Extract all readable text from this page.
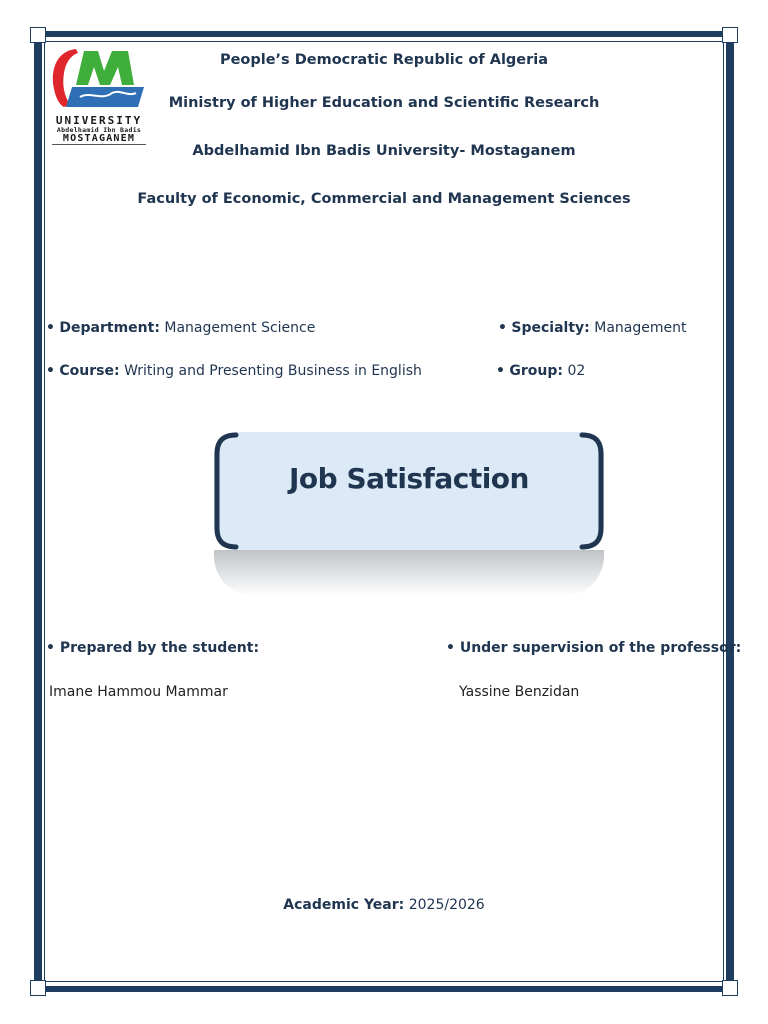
UNIVERSITY
Abdelhamid Ibn Badis
MOSTAGANEM
People’s Democratic Republic of Algeria
Ministry of Higher Education and Scientific Research
Abdelhamid Ibn Badis University- Mostaganem
Faculty of Economic, Commercial and Management Sciences
• Department: Management Science	• Specialty: Management
• Course: Writing and Presenting Business in English	• Group: 02
Job Satisfaction
• Prepared by the student:	• Under supervision of the professor:
Imane Hammou Mammar	Yassine Benzidan
Academic Year: 2025/2026
